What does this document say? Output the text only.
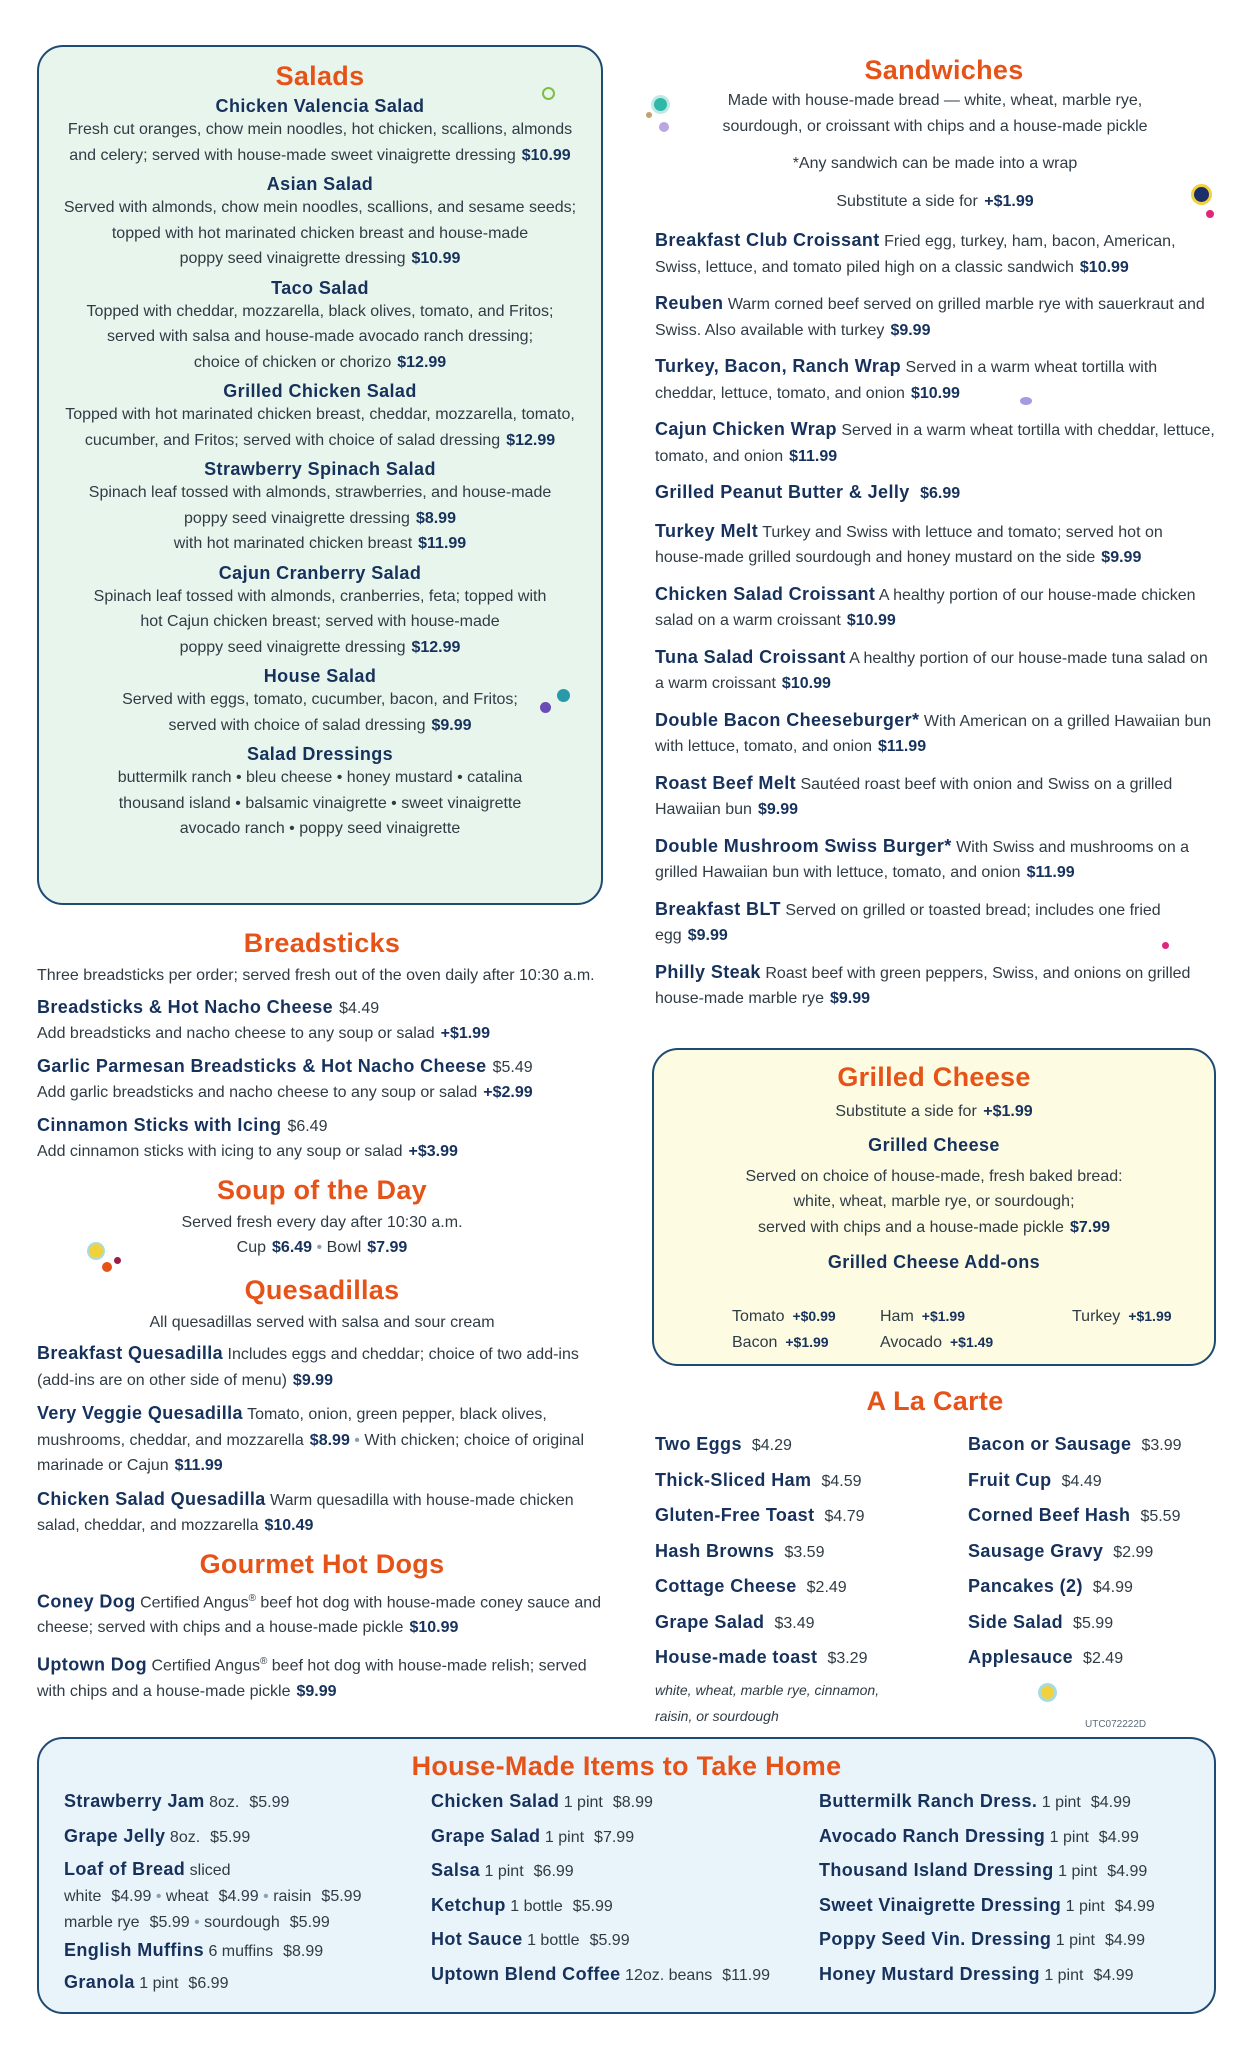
Salads
Chicken Valencia Salad
Fresh cut oranges, chow mein noodles, hot chicken, scallions, almonds
and celery; served with house-made sweet vinaigrette dressing $10.99
Asian Salad
Served with almonds, chow mein noodles, scallions, and sesame seeds;
topped with hot marinated chicken breast and house-made
poppy seed vinaigrette dressing $10.99
Taco Salad
Topped with cheddar, mozzarella, black olives, tomato, and Fritos;
served with salsa and house-made avocado ranch dressing;
choice of chicken or chorizo $12.99
Grilled Chicken Salad
Topped with hot marinated chicken breast, cheddar, mozzarella, tomato,
cucumber, and Fritos; served with choice of salad dressing $12.99
Strawberry Spinach Salad
Spinach leaf tossed with almonds, strawberries, and house-made
poppy seed vinaigrette dressing $8.99
with hot marinated chicken breast $11.99
Cajun Cranberry Salad
Spinach leaf tossed with almonds, cranberries, feta; topped with
hot Cajun chicken breast; served with house-made
poppy seed vinaigrette dressing $12.99
House Salad
Served with eggs, tomato, cucumber, bacon, and Fritos;
served with choice of salad dressing $9.99
Salad Dressings
buttermilk ranch • bleu cheese • honey mustard • catalina
thousand island • balsamic vinaigrette • sweet vinaigrette
avocado ranch • poppy seed vinaigrette
Sandwiches
Made with house-made bread — white, wheat, marble rye,
sourdough, or croissant with chips and a house-made pickle
*Any sandwich can be made into a wrap
Substitute a side for +$1.99
Breakfast Club Croissant Fried egg, turkey, ham, bacon, American, Swiss, lettuce, and tomato piled high on a classic sandwich $10.99
Reuben Warm corned beef served on grilled marble rye with sauerkraut and Swiss. Also available with turkey $9.99
Turkey, Bacon, Ranch Wrap Served in a warm wheat tortilla with cheddar, lettuce, tomato, and onion $10.99
Cajun Chicken Wrap Served in a warm wheat tortilla with cheddar, lettuce, tomato, and onion $11.99
Grilled Peanut Butter & Jelly $6.99
Turkey Melt Turkey and Swiss with lettuce and tomato; served hot on house-made grilled sourdough and honey mustard on the side $9.99
Chicken Salad Croissant A healthy portion of our house-made chicken salad on a warm croissant $10.99
Tuna Salad Croissant A healthy portion of our house-made tuna salad on a warm croissant $10.99
Double Bacon Cheeseburger* With American on a grilled Hawaiian bun with lettuce, tomato, and onion $11.99
Roast Beef Melt Sautéed roast beef with onion and Swiss on a grilled Hawaiian bun $9.99
Double Mushroom Swiss Burger* With Swiss and mushrooms on a grilled Hawaiian bun with lettuce, tomato, and onion $11.99
Breakfast BLT Served on grilled or toasted bread; includes one fried egg $9.99
Philly Steak Roast beef with green peppers, Swiss, and onions on grilled house-made marble rye $9.99
Grilled Cheese
Substitute a side for +$1.99
Grilled Cheese
Served on choice of house-made, fresh baked bread:
white, wheat, marble rye, or sourdough;
served with chips and a house-made pickle $7.99
Grilled Cheese Add-ons
Tomato +$0.99	Ham +$1.99	Turkey +$1.99
Bacon +$1.99	Avocado +$1.49
Breadsticks
Three breadsticks per order; served fresh out of the oven daily after 10:30 a.m.
Breadsticks & Hot Nacho Cheese $4.49
Add breadsticks and nacho cheese to any soup or salad +$1.99
Garlic Parmesan Breadsticks & Hot Nacho Cheese $5.49
Add garlic breadsticks and nacho cheese to any soup or salad +$2.99
Cinnamon Sticks with Icing $6.49
Add cinnamon sticks with icing to any soup or salad +$3.99
Soup of the Day
Served fresh every day after 10:30 a.m.
Cup $6.49 • Bowl $7.99
Quesadillas
All quesadillas served with salsa and sour cream
Breakfast Quesadilla Includes eggs and cheddar; choice of two add-ins (add-ins are on other side of menu) $9.99
Very Veggie Quesadilla Tomato, onion, green pepper, black olives, mushrooms, cheddar, and mozzarella $8.99 • With chicken; choice of original marinade or Cajun $11.99
Chicken Salad Quesadilla Warm quesadilla with house-made chicken salad, cheddar, and mozzarella $10.49
Gourmet Hot Dogs
Coney Dog Certified Angus® beef hot dog with house-made coney sauce and cheese; served with chips and a house-made pickle $10.99
Uptown Dog Certified Angus® beef hot dog with house-made relish; served with chips and a house-made pickle $9.99
A La Carte
Two Eggs $4.29
Thick-Sliced Ham $4.59
Gluten-Free Toast $4.79
Hash Browns $3.59
Cottage Cheese $2.49
Grape Salad $3.49
House-made toast $3.29
Bacon or Sausage $3.99
Fruit Cup $4.49
Corned Beef Hash $5.59
Sausage Gravy $2.99
Pancakes (2) $4.99
Side Salad $5.99
Applesauce $2.49
white, wheat, marble rye, cinnamon,
raisin, or sourdough
UTC072222D
House-Made Items to Take Home
Strawberry Jam 8oz. $5.99
Grape Jelly 8oz. $5.99
Loaf of Bread sliced
white $4.99 • wheat $4.99 • raisin $5.99
marble rye $5.99 • sourdough $5.99
English Muffins 6 muffins $8.99
Granola 1 pint $6.99
Chicken Salad 1 pint $8.99
Grape Salad 1 pint $7.99
Salsa 1 pint $6.99
Ketchup 1 bottle $5.99
Hot Sauce 1 bottle $5.99
Uptown Blend Coffee 12oz. beans $11.99
Buttermilk Ranch Dress. 1 pint $4.99
Avocado Ranch Dressing 1 pint $4.99
Thousand Island Dressing 1 pint $4.99
Sweet Vinaigrette Dressing 1 pint $4.99
Poppy Seed Vin. Dressing 1 pint $4.99
Honey Mustard Dressing 1 pint $4.99
